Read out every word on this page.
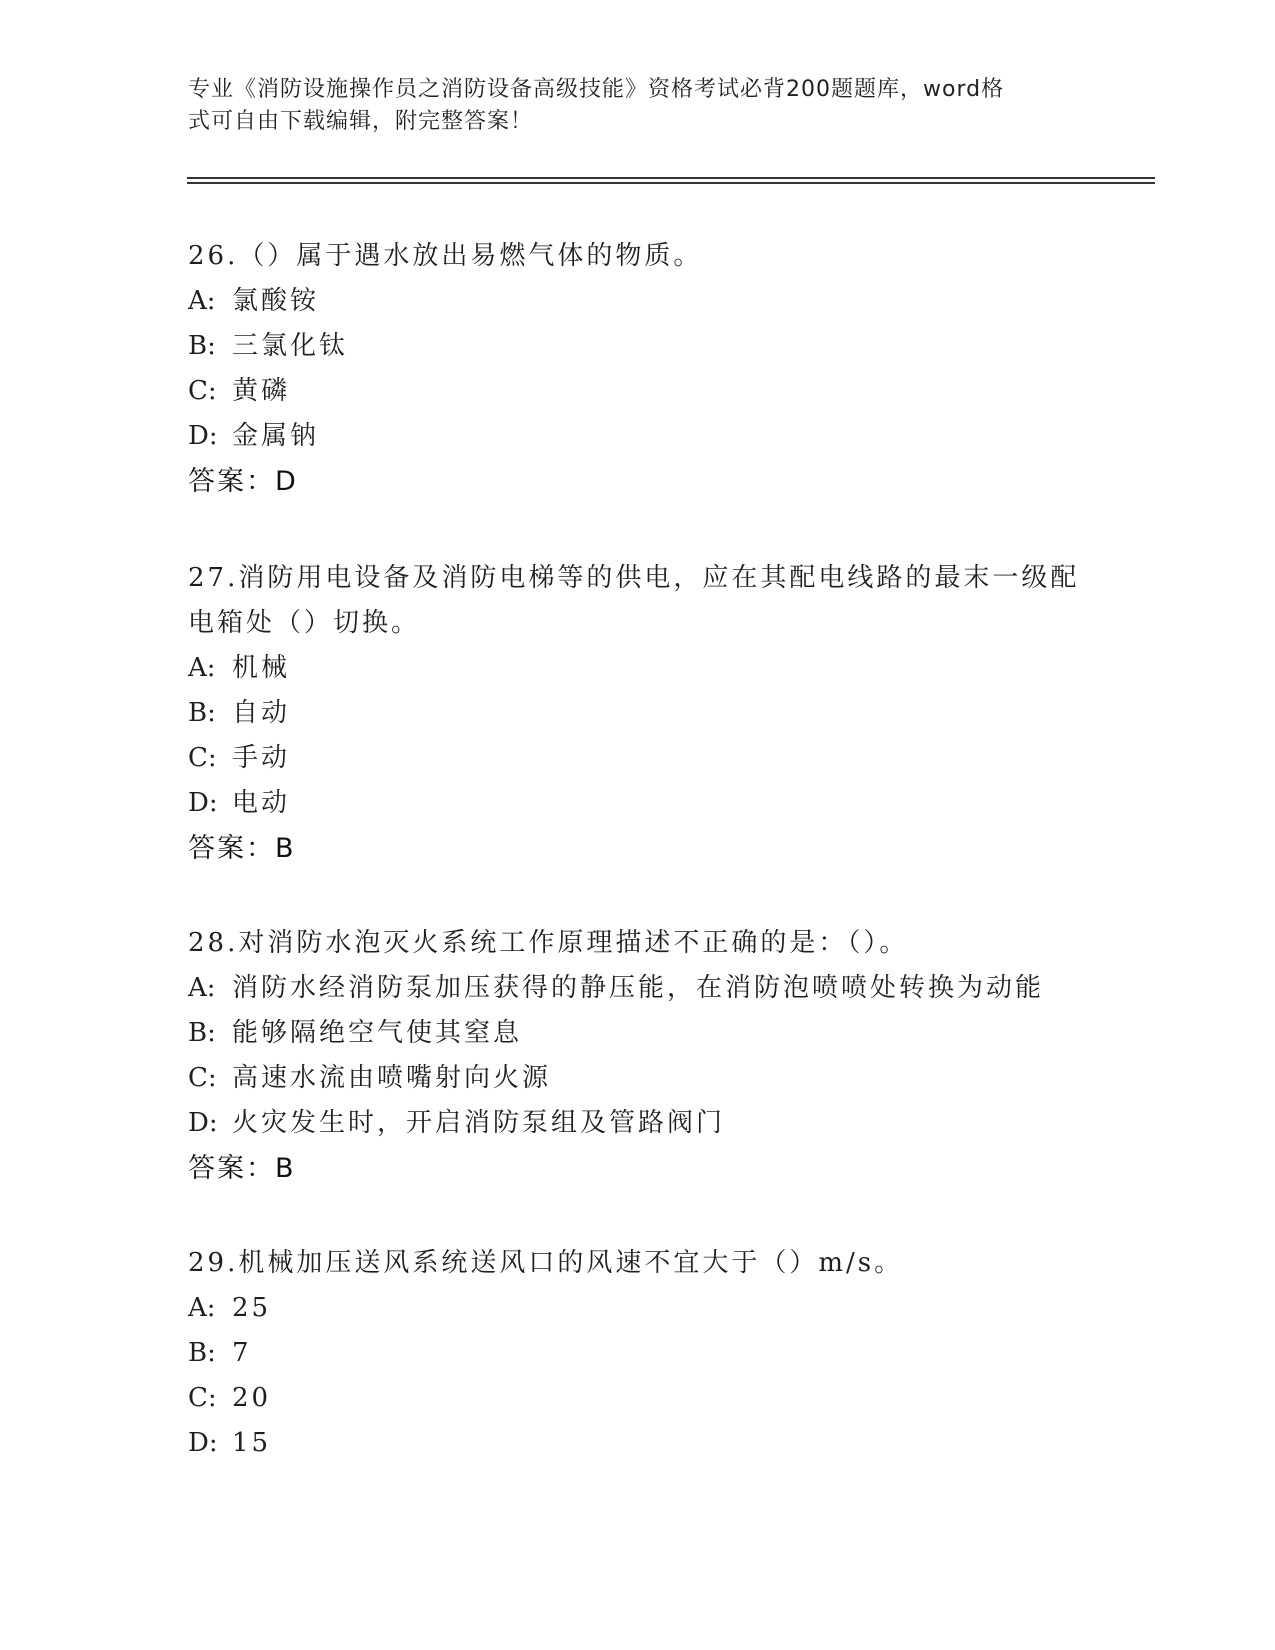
专业《消防设施操作员之消防设备高级技能》资格考试必背200题题库，word格
式可自由下载编辑，附完整答案！

26.（）属于遇水放出易燃气体的物质。

A: 氯酸铵

B: 三氯化钛

C: 黄磷

D: 金属钠

答案：D

27.消防用电设备及消防电梯等的供电，应在其配电线路的最末一级配

电箱处（）切换。

A: 机械

B: 自动

C: 手动

D: 电动

答案：B

28.对消防水泡灭火系统工作原理描述不正确的是：（）。

A: 消防水经消防泵加压获得的静压能，在消防泡喷喷处转换为动能

B: 能够隔绝空气使其窒息

C: 高速水流由喷嘴射向火源

D: 火灾发生时，开启消防泵组及管路阀门

答案：B

29.机械加压送风系统送风口的风速不宜大于（）m/s。

A: 25

B: 7

C: 20

D: 15
